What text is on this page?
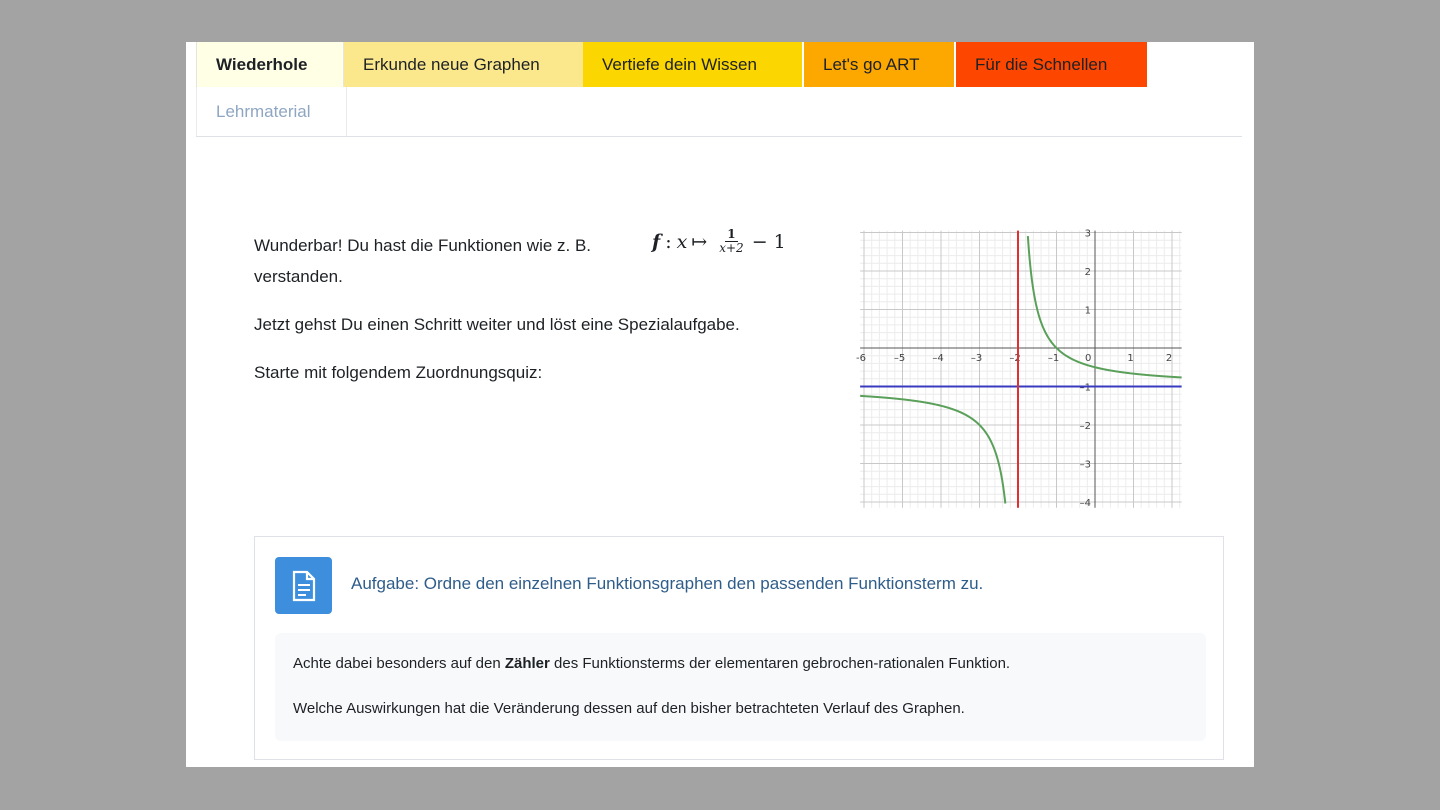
Wiederhole	Erkunde neue Graphen	Vertiefe dein Wissen	Let's go ART	Für die Schnellen
Lehrmaterial

Wunderbar! Du hast die Funktionen wie z. B.
verstanden.

Jetzt gehst Du einen Schritt weiter und löst eine Spezialaufgabe.

Starte mit folgendem Zuordnungsquiz:

f : x ↦ $\frac{1}{x+2} - 1$
-6	–5	–4	–3	–2	–1	0	1	2
3
2
1
–1
–2
–3
–4
Aufgabe: Ordne den einzelnen Funktionsgraphen den passenden Funktionsterm zu.
Achte dabei besonders auf den Zähler des Funktionsterms der elementaren gebrochen-rationalen Funktion.
Welche Auswirkungen hat die Veränderung dessen auf den bisher betrachteten Verlauf des Graphen.
